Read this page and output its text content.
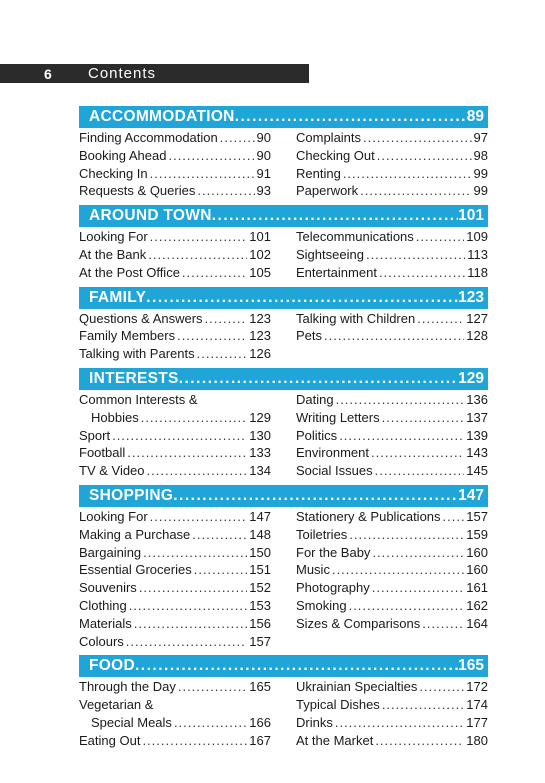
6	Contents
ACCOMMODATION .....	89
Finding Accommodation .....	90
Booking Ahead .....	90
Checking In .....	91
Requests & Queries .....	93
Complaints .....	97
Checking Out .....	98
Renting .....	99
Paperwork .....	99
AROUND TOWN .....	101
Looking For .....	101
At the Bank .....	102
At the Post Office .....	105
Telecommunications .....	109
Sightseeing .....	113
Entertainment .....	118
FAMILY .....	123
Questions & Answers .....	123
Family Members .....	123
Talking with Parents .....	126
Talking with Children .....	127
Pets .....	128
INTERESTS .....	129
Common Interests &
Hobbies .....	129
Sport .....	130
Football .....	133
TV & Video .....	134
Dating .....	136
Writing Letters .....	137
Politics .....	139
Environment .....	143
Social Issues .....	145
SHOPPING .....	147
Looking For .....	147
Making a Purchase .....	148
Bargaining .....	150
Essential Groceries .....	151
Souvenirs .....	152
Clothing .....	153
Materials .....	156
Colours .....	157
Stationery & Publications ..... 157
Toiletries .....	159
For the Baby .....	160
Music .....	160
Photography .....	161
Smoking .....	162
Sizes & Comparisons .....	164
FOOD .....	165
Through the Day .....	165
Vegetarian &
Special Meals .....	166
Eating Out .....	167
Ukrainian Specialties .....	172
Typical Dishes .....	174
Drinks .....	177
At the Market .....	180
